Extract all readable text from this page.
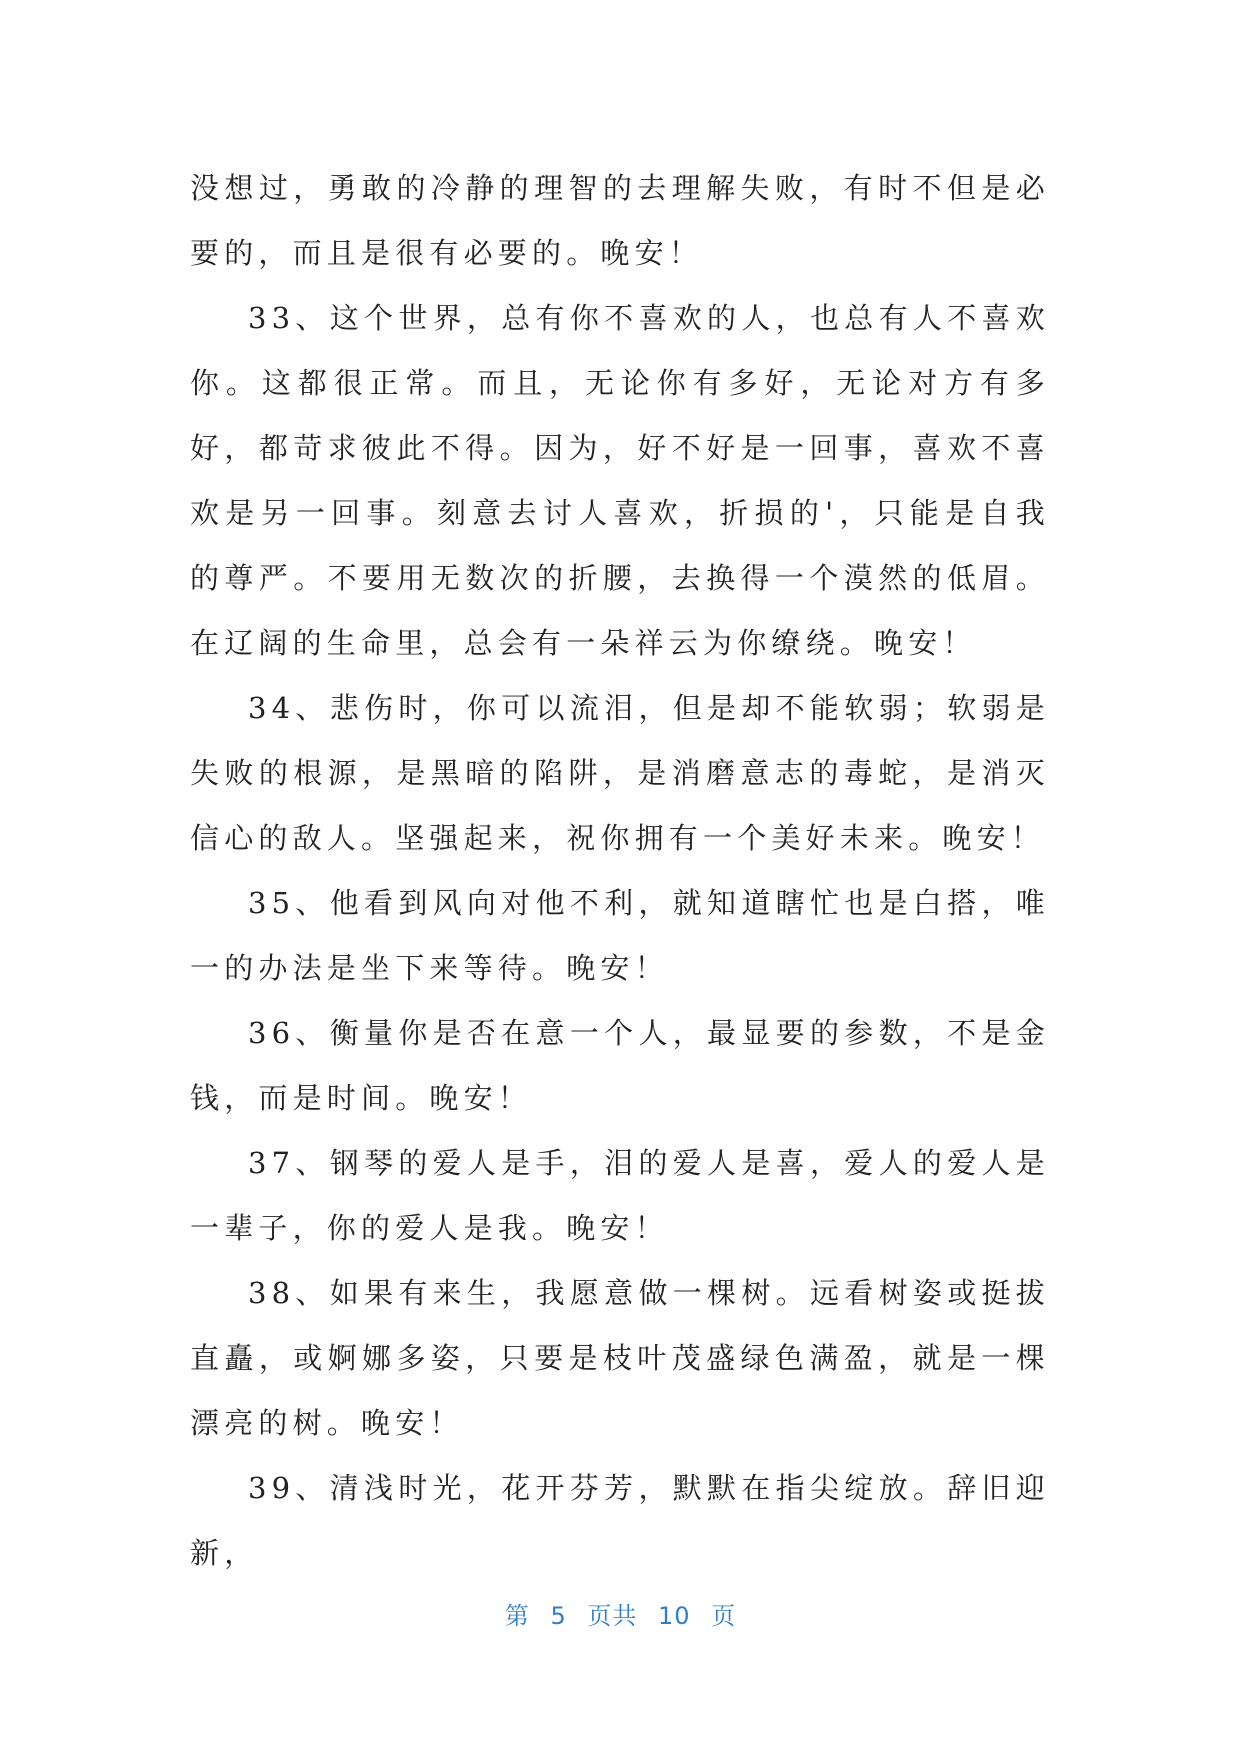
没想过，勇敢的冷静的理智的去理解失败，有时不但是必要的，而且是很有必要的。晚安！

33、这个世界，总有你不喜欢的人，也总有人不喜欢你。这都很正常。而且，无论你有多好，无论对方有多好，都苛求彼此不得。因为，好不好是一回事，喜欢不喜欢是另一回事。刻意去讨人喜欢，折损的'，只能是自我的尊严。不要用无数次的折腰，去换得一个漠然的低眉。在辽阔的生命里，总会有一朵祥云为你缭绕。晚安！

34、悲伤时，你可以流泪，但是却不能软弱；软弱是失败的根源，是黑暗的陷阱，是消磨意志的毒蛇，是消灭信心的敌人。坚强起来，祝你拥有一个美好未来。晚安！

35、他看到风向对他不利，就知道瞎忙也是白搭，唯一的办法是坐下来等待。晚安！

36、衡量你是否在意一个人，最显要的参数，不是金钱，而是时间。晚安！

37、钢琴的爱人是手，泪的爱人是喜，爱人的爱人是一辈子，你的爱人是我。晚安！

38、如果有来生，我愿意做一棵树。远看树姿或挺拔直矗，或婀娜多姿，只要是枝叶茂盛绿色满盈，就是一棵漂亮的树。晚安！

39、清浅时光，花开芬芳，默默在指尖绽放。辞旧迎新，

第 5 页共 10 页
